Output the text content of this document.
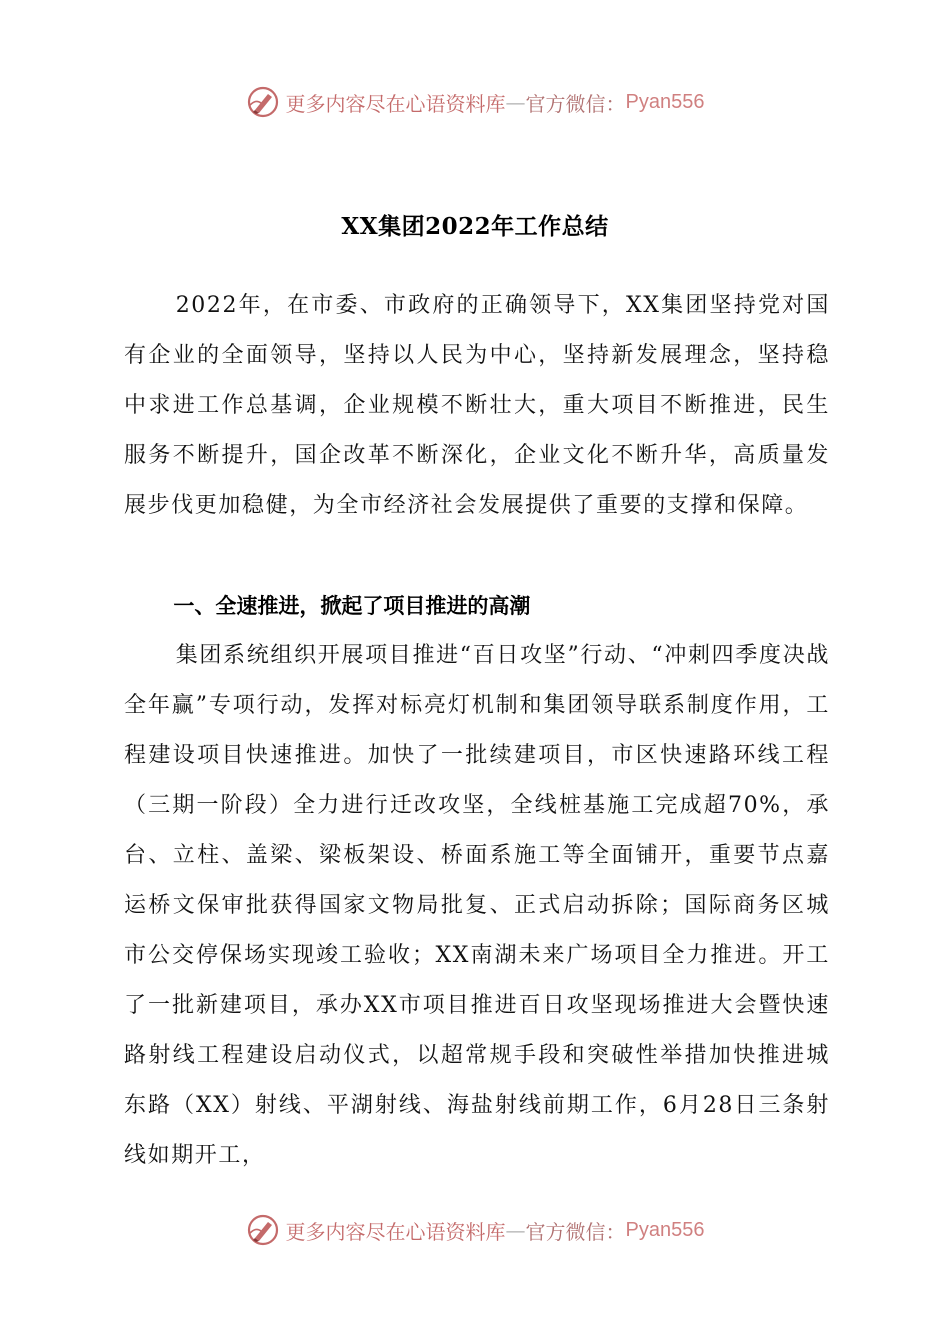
更多内容尽在心语资料库 — 官方微信： Pyan556
XX集团2022年工作总结

2022年，在市委、市政府的正确领导下，XX集团坚持党对国有企业的全面领导，坚持以人民为中心，坚持新发展理念，坚持稳中求进工作总基调，企业规模不断壮大，重大项目不断推进，民生服务不断提升，国企改革不断深化，企业文化不断升华，高质量发展步伐更加稳健，为全市经济社会发展提供了重要的支撑和保障。

一、全速推进，掀起了项目推进的高潮

集团系统组织开展项目推进“百日攻坚”行动、“冲刺四季度决战全年赢”专项行动，发挥对标亮灯机制和集团领导联系制度作用，工程建设项目快速推进。加快了一批续建项目，市区快速路环线工程（三期一阶段）全力进行迁改攻坚，全线桩基施工完成超70%，承台、立柱、盖梁、梁板架设、桥面系施工等全面铺开，重要节点嘉运桥文保审批获得国家文物局批复、正式启动拆除；国际商务区城市公交停保场实现竣工验收；XX南湖未来广场项目全力推进。开工了一批新建项目，承办XX市项目推进百日攻坚现场推进大会暨快速路射线工程建设启动仪式，以超常规手段和突破性举措加快推进城东路（XX）射线、平湖射线、海盐射线前期工作，6月28日三条射线如期开工，

更多内容尽在心语资料库 — 官方微信： Pyan556
